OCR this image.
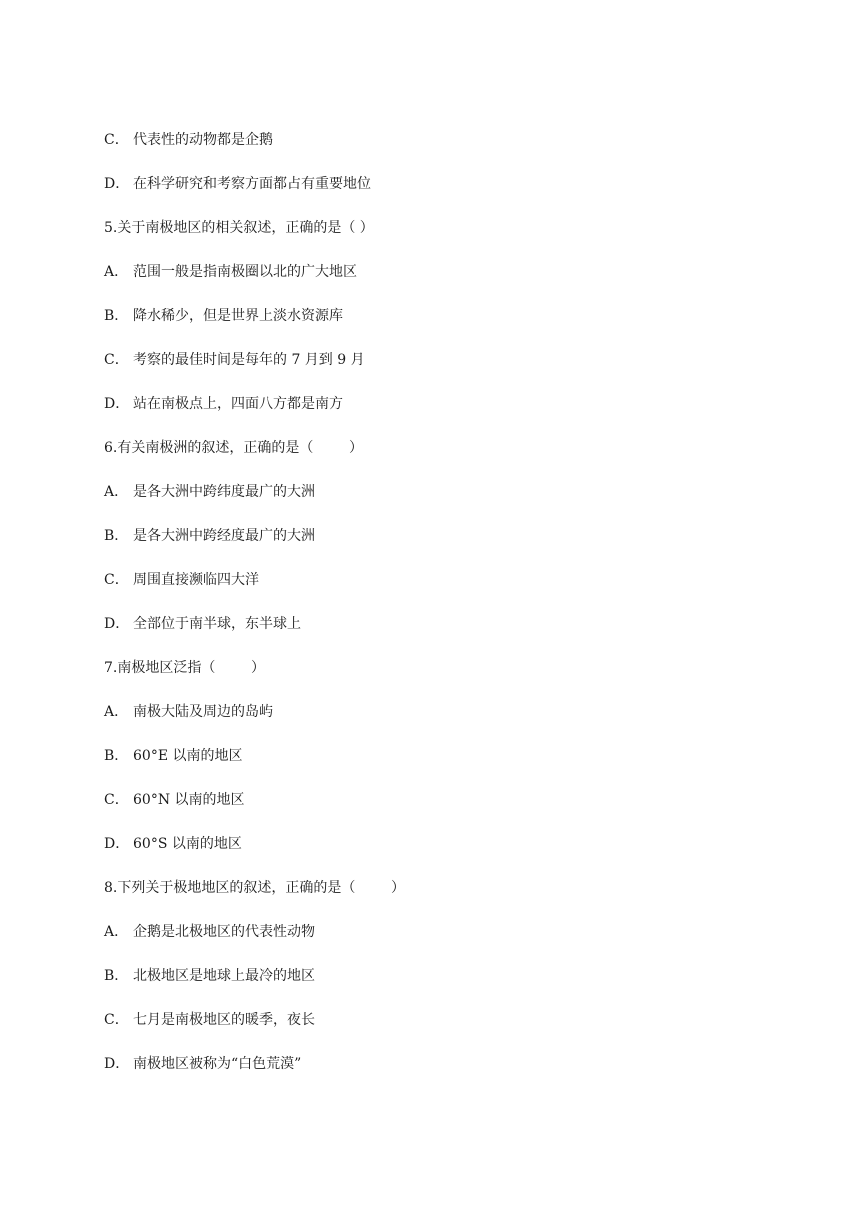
C． 代表性的动物都是企鹅
D． 在科学研究和考察方面都占有重要地位
5.关于南极地区的相关叙述，正确的是（ ）
A． 范围一般是指南极圈以北的广大地区
B． 降水稀少，但是世界上淡水资源库
C． 考察的最佳时间是每年的 7 月到 9 月
D． 站在南极点上，四面八方都是南方
6.有关南极洲的叙述，正确的是（        ）
A． 是各大洲中跨纬度最广的大洲
B． 是各大洲中跨经度最广的大洲
C． 周围直接濒临四大洋
D． 全部位于南半球，东半球上
7.南极地区泛指（        ）
A． 南极大陆及周边的岛屿
B． 60°E 以南的地区
C． 60°N 以南的地区
D． 60°S 以南的地区
8.下列关于极地地区的叙述，正确的是（        ）
A． 企鹅是北极地区的代表性动物
B． 北极地区是地球上最冷的地区
C． 七月是南极地区的暖季，夜长
D． 南极地区被称为“白色荒漠”
